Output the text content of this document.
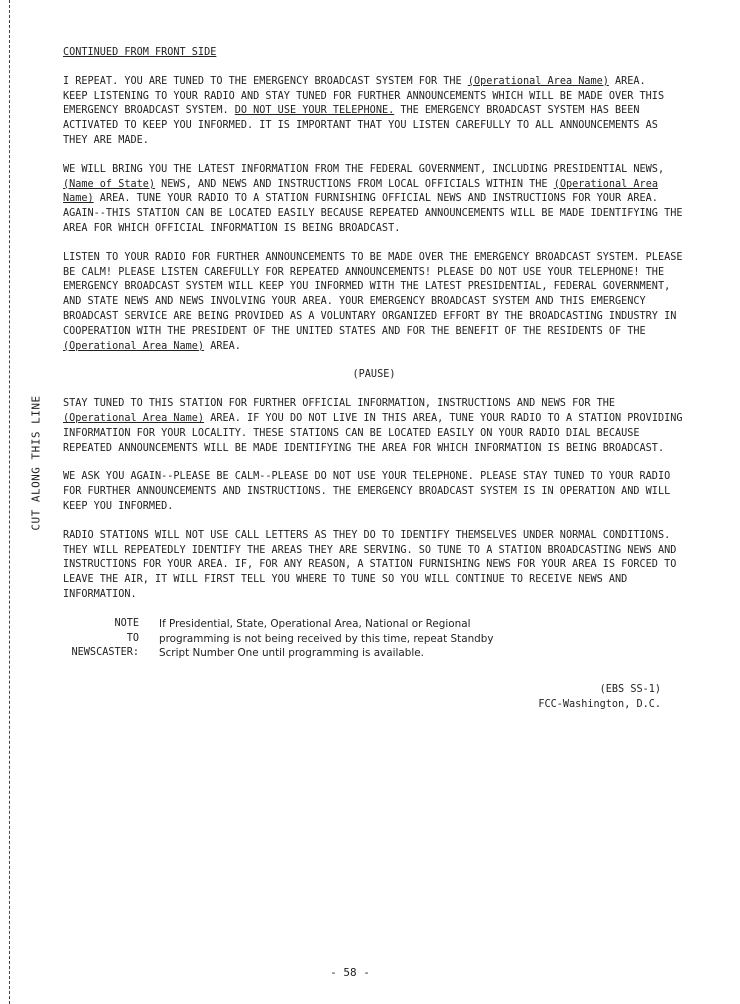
CUT ALONG THIS LINE
CONTINUED FROM FRONT SIDE
I REPEAT. YOU ARE TUNED TO THE EMERGENCY BROADCAST SYSTEM FOR THE (Operational Area Name) AREA.
KEEP LISTENING TO YOUR RADIO AND STAY TUNED FOR FURTHER ANNOUNCEMENTS WHICH WILL BE MADE OVER THIS EMERGENCY BROADCAST SYSTEM. DO NOT USE YOUR TELEPHONE. THE EMERGENCY BROADCAST SYSTEM HAS BEEN ACTIVATED TO KEEP YOU INFORMED. IT IS IMPORTANT THAT YOU LISTEN CAREFULLY TO ALL ANNOUNCEMENTS AS THEY ARE MADE.
WE WILL BRING YOU THE LATEST INFORMATION FROM THE FEDERAL GOVERNMENT, INCLUDING PRESIDENTIAL NEWS, (Name of State) NEWS, AND NEWS AND INSTRUCTIONS FROM LOCAL OFFICIALS WITHIN THE (Operational Area Name) AREA. TUNE YOUR RADIO TO A STATION FURNISHING OFFICIAL NEWS AND INSTRUCTIONS FOR YOUR AREA. AGAIN--THIS STATION CAN BE LOCATED EASILY BECAUSE REPEATED ANNOUNCEMENTS WILL BE MADE IDENTIFYING THE AREA FOR WHICH OFFICIAL INFORMATION IS BEING BROADCAST.
LISTEN TO YOUR RADIO FOR FURTHER ANNOUNCEMENTS TO BE MADE OVER THE EMERGENCY BROADCAST SYSTEM. PLEASE BE CALM! PLEASE LISTEN CAREFULLY FOR REPEATED ANNOUNCEMENTS! PLEASE DO NOT USE YOUR TELEPHONE! THE EMERGENCY BROADCAST SYSTEM WILL KEEP YOU INFORMED WITH THE LATEST PRESIDENTIAL, FEDERAL GOVERNMENT, AND STATE NEWS AND NEWS INVOLVING YOUR AREA. YOUR EMERGENCY BROADCAST SYSTEM AND THIS EMERGENCY BROADCAST SERVICE ARE BEING PROVIDED AS A VOLUNTARY ORGANIZED EFFORT BY THE BROADCASTING INDUSTRY IN COOPERATION WITH THE PRESIDENT OF THE UNITED STATES AND FOR THE BENEFIT OF THE RESIDENTS OF THE (Operational Area Name) AREA.
(PAUSE)
STAY TUNED TO THIS STATION FOR FURTHER OFFICIAL INFORMATION, INSTRUCTIONS AND NEWS FOR THE (Operational Area Name) AREA. IF YOU DO NOT LIVE IN THIS AREA, TUNE YOUR RADIO TO A STATION PROVIDING INFORMATION FOR YOUR LOCALITY. THESE STATIONS CAN BE LOCATED EASILY ON YOUR RADIO DIAL BECAUSE REPEATED ANNOUNCEMENTS WILL BE MADE IDENTIFYING THE AREA FOR WHICH INFORMATION IS BEING BROADCAST.
WE ASK YOU AGAIN--PLEASE BE CALM--PLEASE DO NOT USE YOUR TELEPHONE. PLEASE STAY TUNED TO YOUR RADIO FOR FURTHER ANNOUNCEMENTS AND INSTRUCTIONS. THE EMERGENCY BROADCAST SYSTEM IS IN OPERATION AND WILL KEEP YOU INFORMED.
RADIO STATIONS WILL NOT USE CALL LETTERS AS THEY DO TO IDENTIFY THEMSELVES UNDER NORMAL CONDITIONS. THEY WILL REPEATEDLY IDENTIFY THE AREAS THEY ARE SERVING. SO TUNE TO A STATION BROADCASTING NEWS AND INSTRUCTIONS FOR YOUR AREA. IF, FOR ANY REASON, A STATION FURNISHING NEWS FOR YOUR AREA IS FORCED TO LEAVE THE AIR, IT WILL FIRST TELL YOU WHERE TO TUNE SO YOU WILL CONTINUE TO RECEIVE NEWS AND INFORMATION.
NOTE
TO
NEWSCASTER:
If Presidential, State, Operational Area, National or Regional
programming is not being received by this time, repeat Standby
Script Number One until programming is available.
(EBS SS-1)
FCC-Washington, D.C.
- 58 -
